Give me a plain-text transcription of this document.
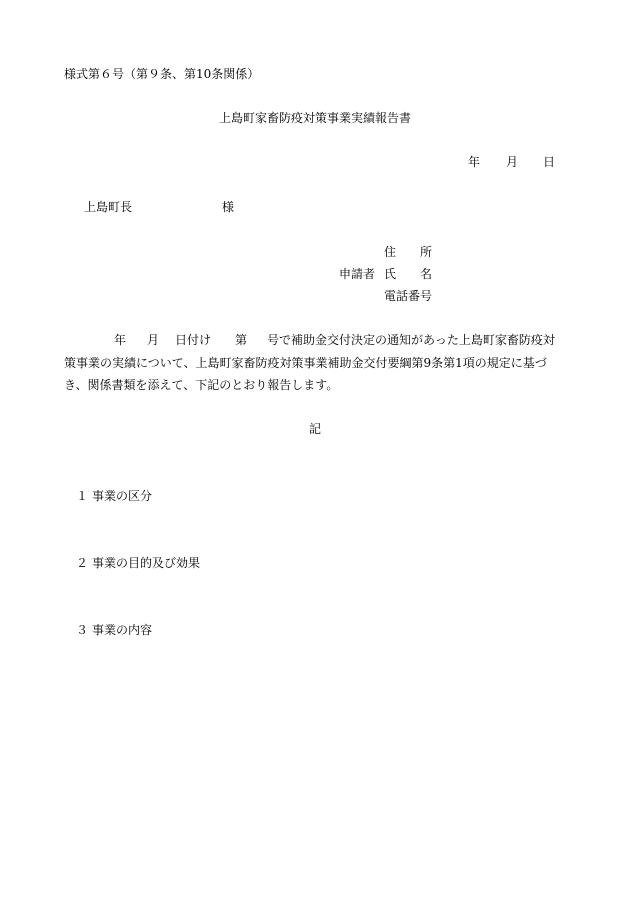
様式第６号（第９条、第10条関係）
上島町家畜防疫対策事業実績報告書
年 月 日
上島町長	様
住　　所
申請者 氏　　名
電話番号
年 月 日付け 第 号で補助金交付決定の通知があった上島町家畜防疫対
策事業の実績について、上島町家畜防疫対策事業補助金交付要綱第9条第1項の規定に基づ
き、関係書類を添えて、下記のとおり報告します。
記
１ 事業の区分
２ 事業の目的及び効果
３ 事業の内容
